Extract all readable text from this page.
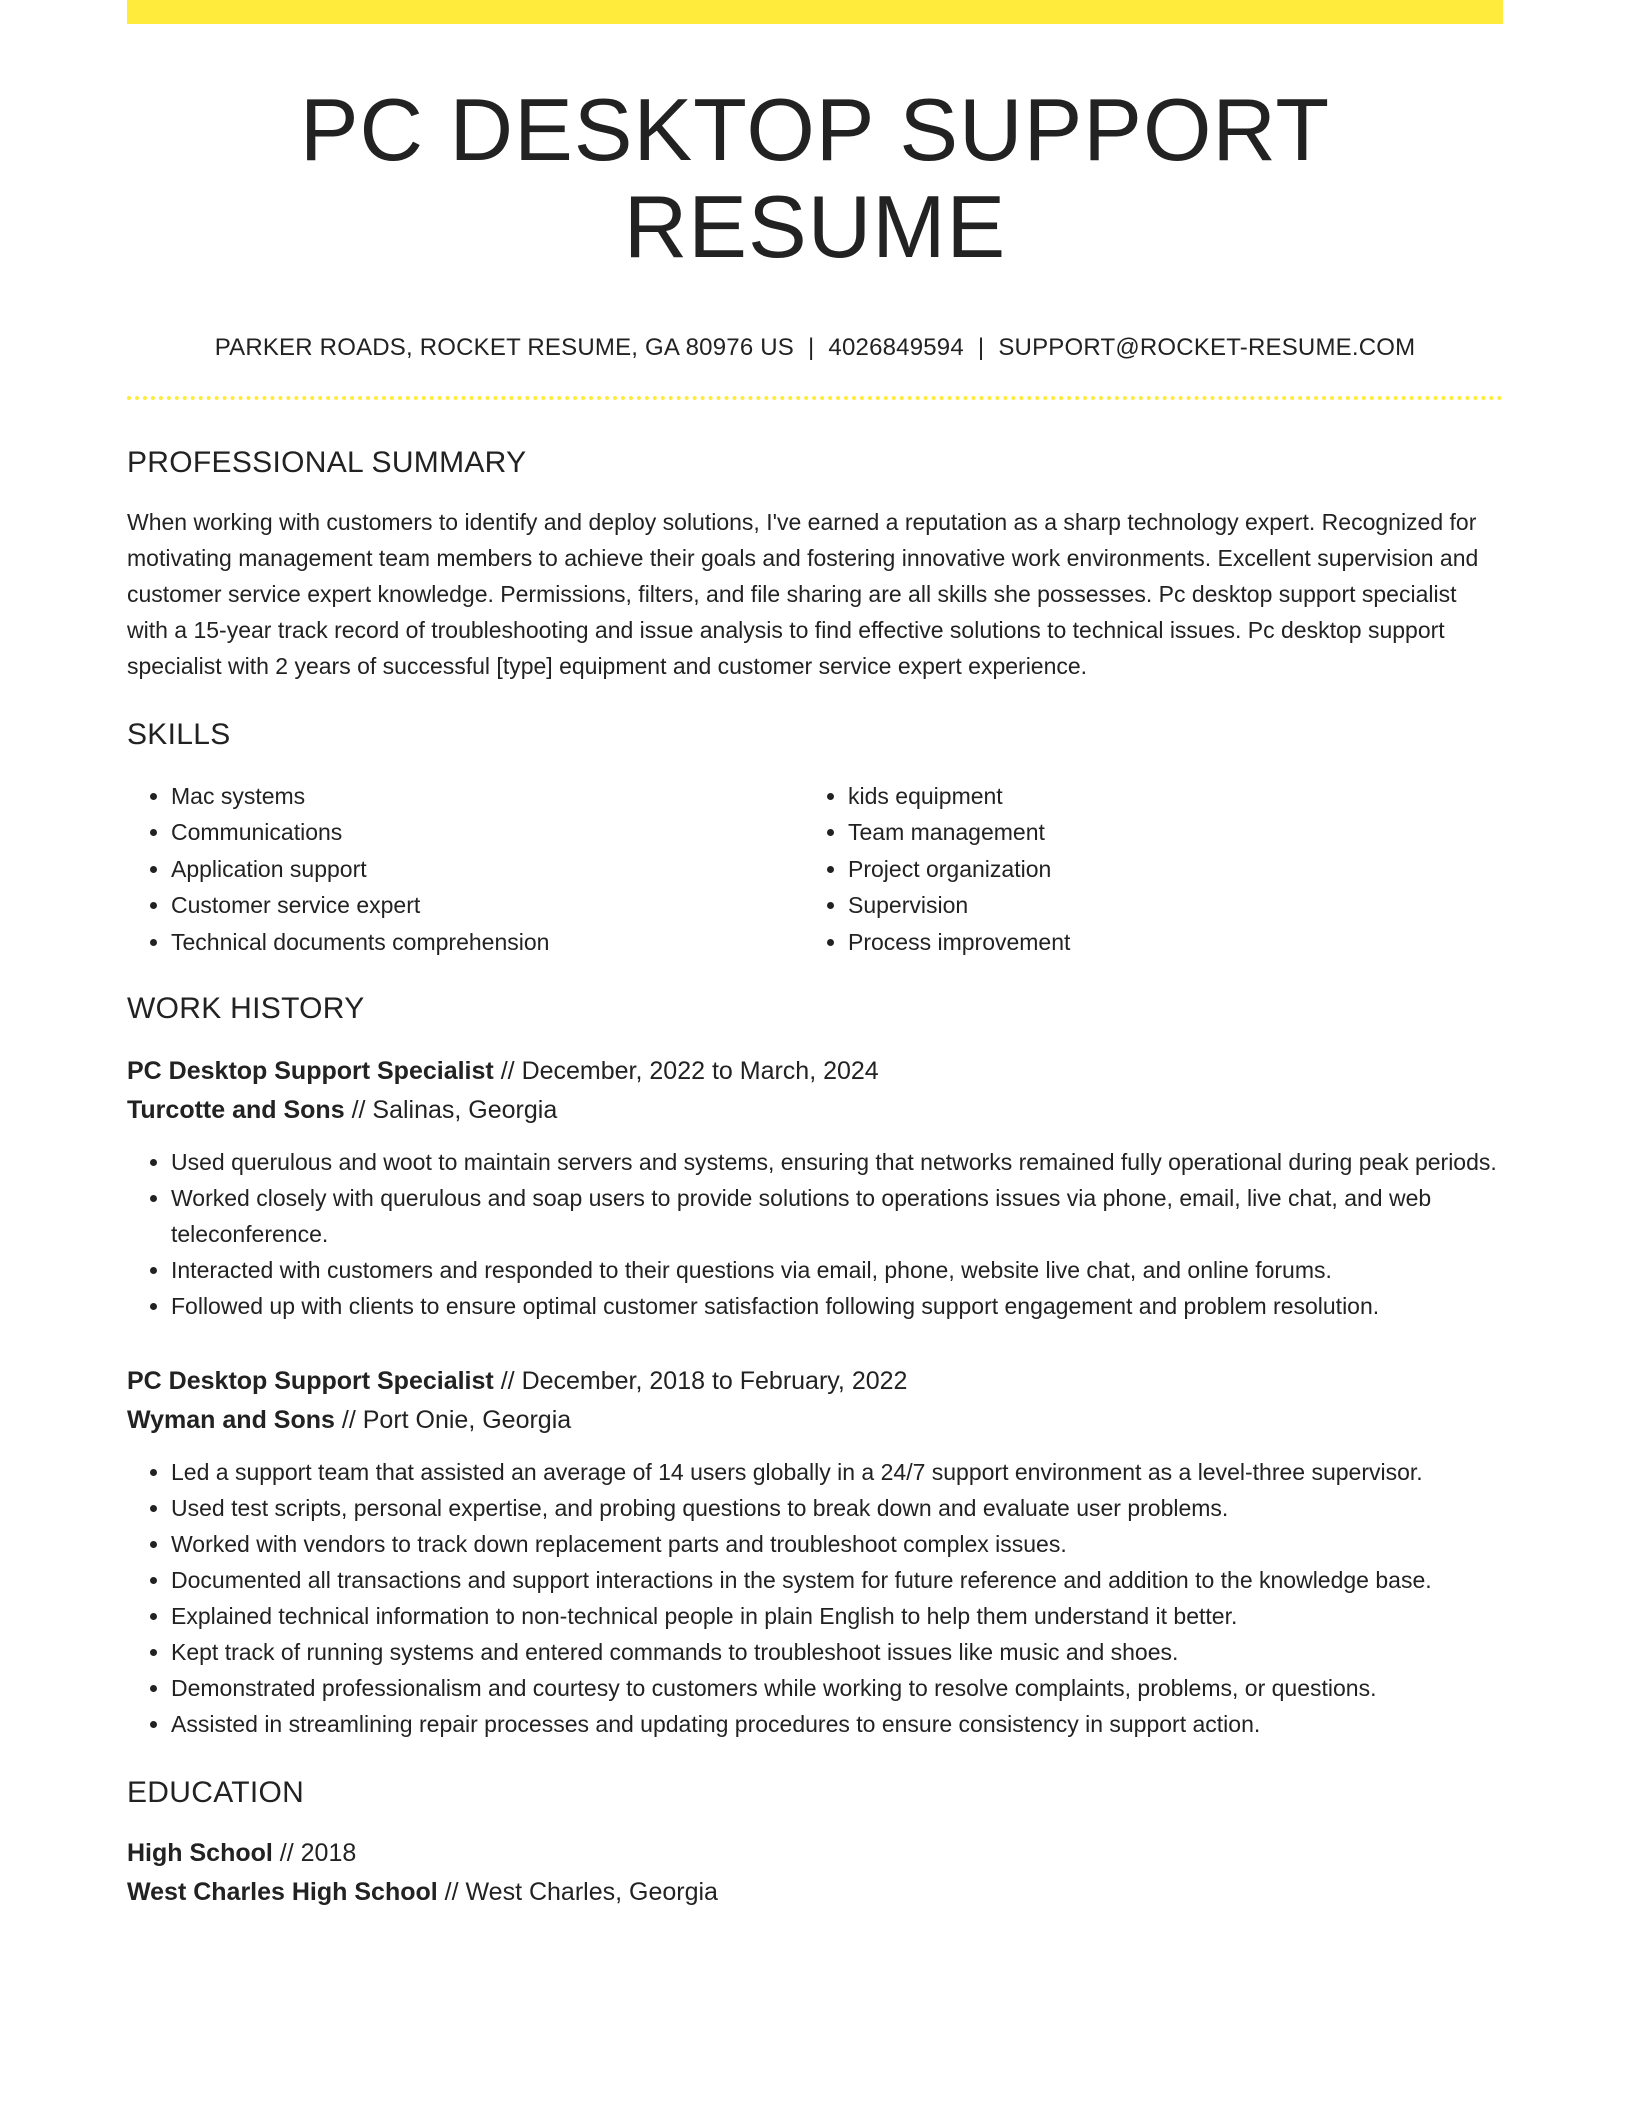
PC DESKTOP SUPPORT RESUME
PARKER ROADS, ROCKET RESUME, GA 80976 US | 4026849594 | SUPPORT@ROCKET-RESUME.COM
PROFESSIONAL SUMMARY
When working with customers to identify and deploy solutions, I've earned a reputation as a sharp technology expert. Recognized for motivating management team members to achieve their goals and fostering innovative work environments. Excellent supervision and customer service expert knowledge. Permissions, filters, and file sharing are all skills she possesses. Pc desktop support specialist with a 15-year track record of troubleshooting and issue analysis to find effective solutions to technical issues. Pc desktop support specialist with 2 years of successful [type] equipment and customer service expert experience.
SKILLS
• Mac systems
• Communications
• Application support
• Customer service expert
• Technical documents comprehension
• kids equipment
• Team management
• Project organization
• Supervision
• Process improvement
WORK HISTORY
PC Desktop Support Specialist // December, 2022 to March, 2024
Turcotte and Sons // Salinas, Georgia
• Used querulous and woot to maintain servers and systems, ensuring that networks remained fully operational during peak periods.
• Worked closely with querulous and soap users to provide solutions to operations issues via phone, email, live chat, and web teleconference.
• Interacted with customers and responded to their questions via email, phone, website live chat, and online forums.
• Followed up with clients to ensure optimal customer satisfaction following support engagement and problem resolution.
PC Desktop Support Specialist // December, 2018 to February, 2022
Wyman and Sons // Port Onie, Georgia
• Led a support team that assisted an average of 14 users globally in a 24/7 support environment as a level-three supervisor.
• Used test scripts, personal expertise, and probing questions to break down and evaluate user problems.
• Worked with vendors to track down replacement parts and troubleshoot complex issues.
• Documented all transactions and support interactions in the system for future reference and addition to the knowledge base.
• Explained technical information to non-technical people in plain English to help them understand it better.
• Kept track of running systems and entered commands to troubleshoot issues like music and shoes.
• Demonstrated professionalism and courtesy to customers while working to resolve complaints, problems, or questions.
• Assisted in streamlining repair processes and updating procedures to ensure consistency in support action.
EDUCATION
High School // 2018
West Charles High School // West Charles, Georgia
